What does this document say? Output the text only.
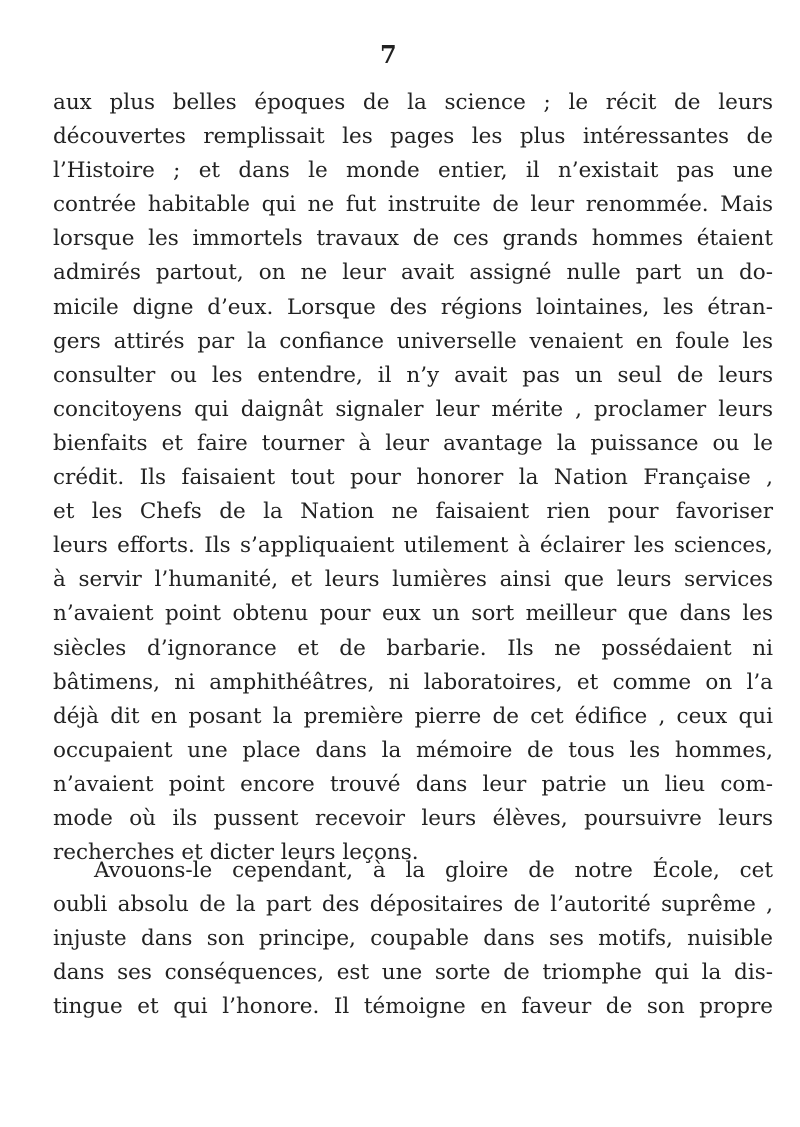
7
aux plus belles époques de la science ; le récit de leurs
découvertes remplissait les pages les plus intéressantes de
l’Histoire ; et dans le monde entier, il n’existait pas une
contrée habitable qui ne fut instruite de leur renommée. Mais
lorsque les immortels travaux de ces grands hommes étaient
admirés partout, on ne leur avait assigné nulle part un do-
micile digne d’eux. Lorsque des régions lointaines, les étran-
gers attirés par la confiance universelle venaient en foule les
consulter ou les entendre, il n’y avait pas un seul de leurs
concitoyens qui daignât signaler leur mérite , proclamer leurs
bienfaits et faire tourner à leur avantage la puissance ou le
crédit. Ils faisaient tout pour honorer la Nation Française ,
et les Chefs de la Nation ne faisaient rien pour favoriser
leurs efforts. Ils s’appliquaient utilement à éclairer les sciences,
à servir l’humanité, et leurs lumières ainsi que leurs services
n’avaient point obtenu pour eux un sort meilleur que dans les
siècles d’ignorance et de barbarie. Ils ne possédaient ni
bâtimens, ni amphithéâtres, ni laboratoires, et comme on l’a
déjà dit en posant la première pierre de cet édifice , ceux qui
occupaient une place dans la mémoire de tous les hommes,
n’avaient point encore trouvé dans leur patrie un lieu com-
mode où ils pussent recevoir leurs élèves, poursuivre leurs
recherches et dicter leurs leçons.
Avouons-le cependant, à la gloire de notre École, cet
oubli absolu de la part des dépositaires de l’autorité suprême ,
injuste dans son principe, coupable dans ses motifs, nuisible
dans ses conséquences, est une sorte de triomphe qui la dis-
tingue et qui l’honore. Il témoigne en faveur de son propre
